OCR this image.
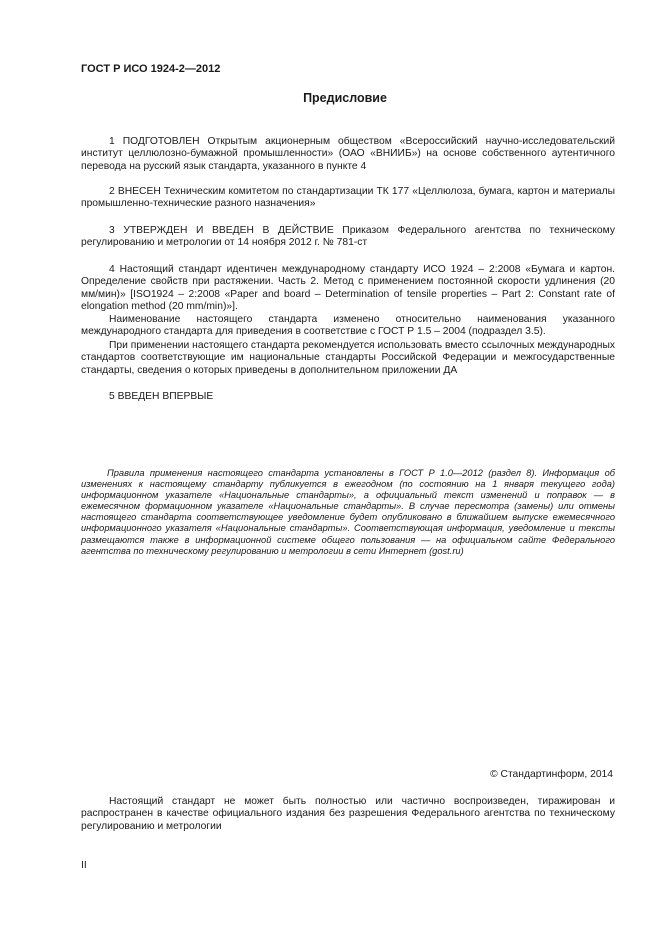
ГОСТ Р ИСО 1924-2—2012
Предисловие

1 ПОДГОТОВЛЕН Открытым акционерным обществом «Всероссийский научно-исследовательский институт целлюлозно-бумажной промышленности» (ОАО «ВНИИБ») на основе собственного аутентичного перевода на русский язык стандарта, указанного в пункте 4

2 ВНЕСЕН Техническим комитетом по стандартизации ТК 177 «Целлюлоза, бумага, картон и материалы промышленно-технические разного назначения»

3 УТВЕРЖДЕН И ВВЕДЕН В ДЕЙСТВИЕ Приказом Федерального агентства по техническому регулированию и метрологии от 14 ноября 2012 г. № 781-ст

4 Настоящий стандарт идентичен международному стандарту ИСО 1924 – 2:2008 «Бумага и картон. Определение свойств при растяжении. Часть 2. Метод с применением постоянной скорости удлинения (20 мм/мин)» [ISO1924 – 2:2008 «Paper and board – Determination of tensile properties – Part 2: Constant rate of elongation method (20 mm/min)»].

Наименование настоящего стандарта изменено относительно наименования указанного международного стандарта для приведения в соответствие с ГОСТ Р 1.5 – 2004 (подраздел 3.5).

При применении настоящего стандарта рекомендуется использовать вместо ссылочных международных стандартов соответствующие им национальные стандарты Российской Федерации и межгосударственные стандарты, сведения о которых приведены в дополнительном приложении ДА

5 ВВЕДЕН ВПЕРВЫЕ

Правила применения настоящего стандарта установлены в ГОСТ Р 1.0—2012 (раздел 8). Информация об изменениях к настоящему стандарту публикуется в ежегодном (по состоянию на 1 января текущего года) информационном указателе «Национальные стандарты», а официальный текст изменений и поправок — в ежемесячном формационном указателе «Национальные стандарты». В случае пересмотра (замены) или отмены настоящего стандарта соответствующее уведомление будет опубликовано в ближайшем выпуске ежемесячного информационного указателя «Национальные стандарты». Соответствующая информация, уведомление и тексты размещаются также в информационной системе общего пользования — на официальном сайте Федерального агентства по техническому регулированию и метрологии в сети Интернет (gost.ru)

© Стандартинформ, 2014

Настоящий стандарт не может быть полностью или частично воспроизведен, тиражирован и распространен в качестве официального издания без разрешения Федерального агентства по техническому регулированию и метрологии

II
